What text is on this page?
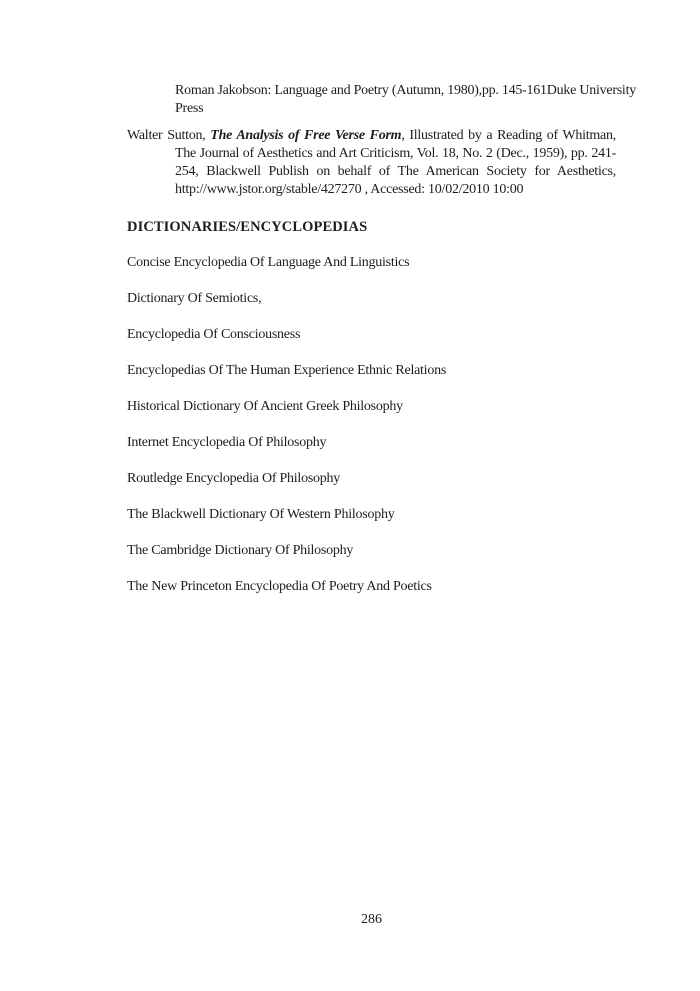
Roman Jakobson: Language and Poetry (Autumn, 1980),pp. 145-161Duke University
Press

Walter Sutton, The Analysis of Free Verse Form, Illustrated by a Reading of Whitman, The Journal of Aesthetics and Art Criticism, Vol. 18, No. 2 (Dec., 1959), pp. 241-254, Blackwell Publish on behalf of The American Society for Aesthetics, http://www.jstor.org/stable/427270 , Accessed: 10/02/2010 10:00

DICTIONARIES/ENCYCLOPEDIAS

Concise Encyclopedia Of Language And Linguistics

Dictionary Of Semiotics,

Encyclopedia Of Consciousness

Encyclopedias Of The Human Experience Ethnic Relations

Historical Dictionary Of Ancient Greek Philosophy

Internet Encyclopedia Of Philosophy

Routledge Encyclopedia Of Philosophy

The Blackwell Dictionary Of Western Philosophy

The Cambridge Dictionary Of Philosophy

The New Princeton Encyclopedia Of Poetry And Poetics

286
